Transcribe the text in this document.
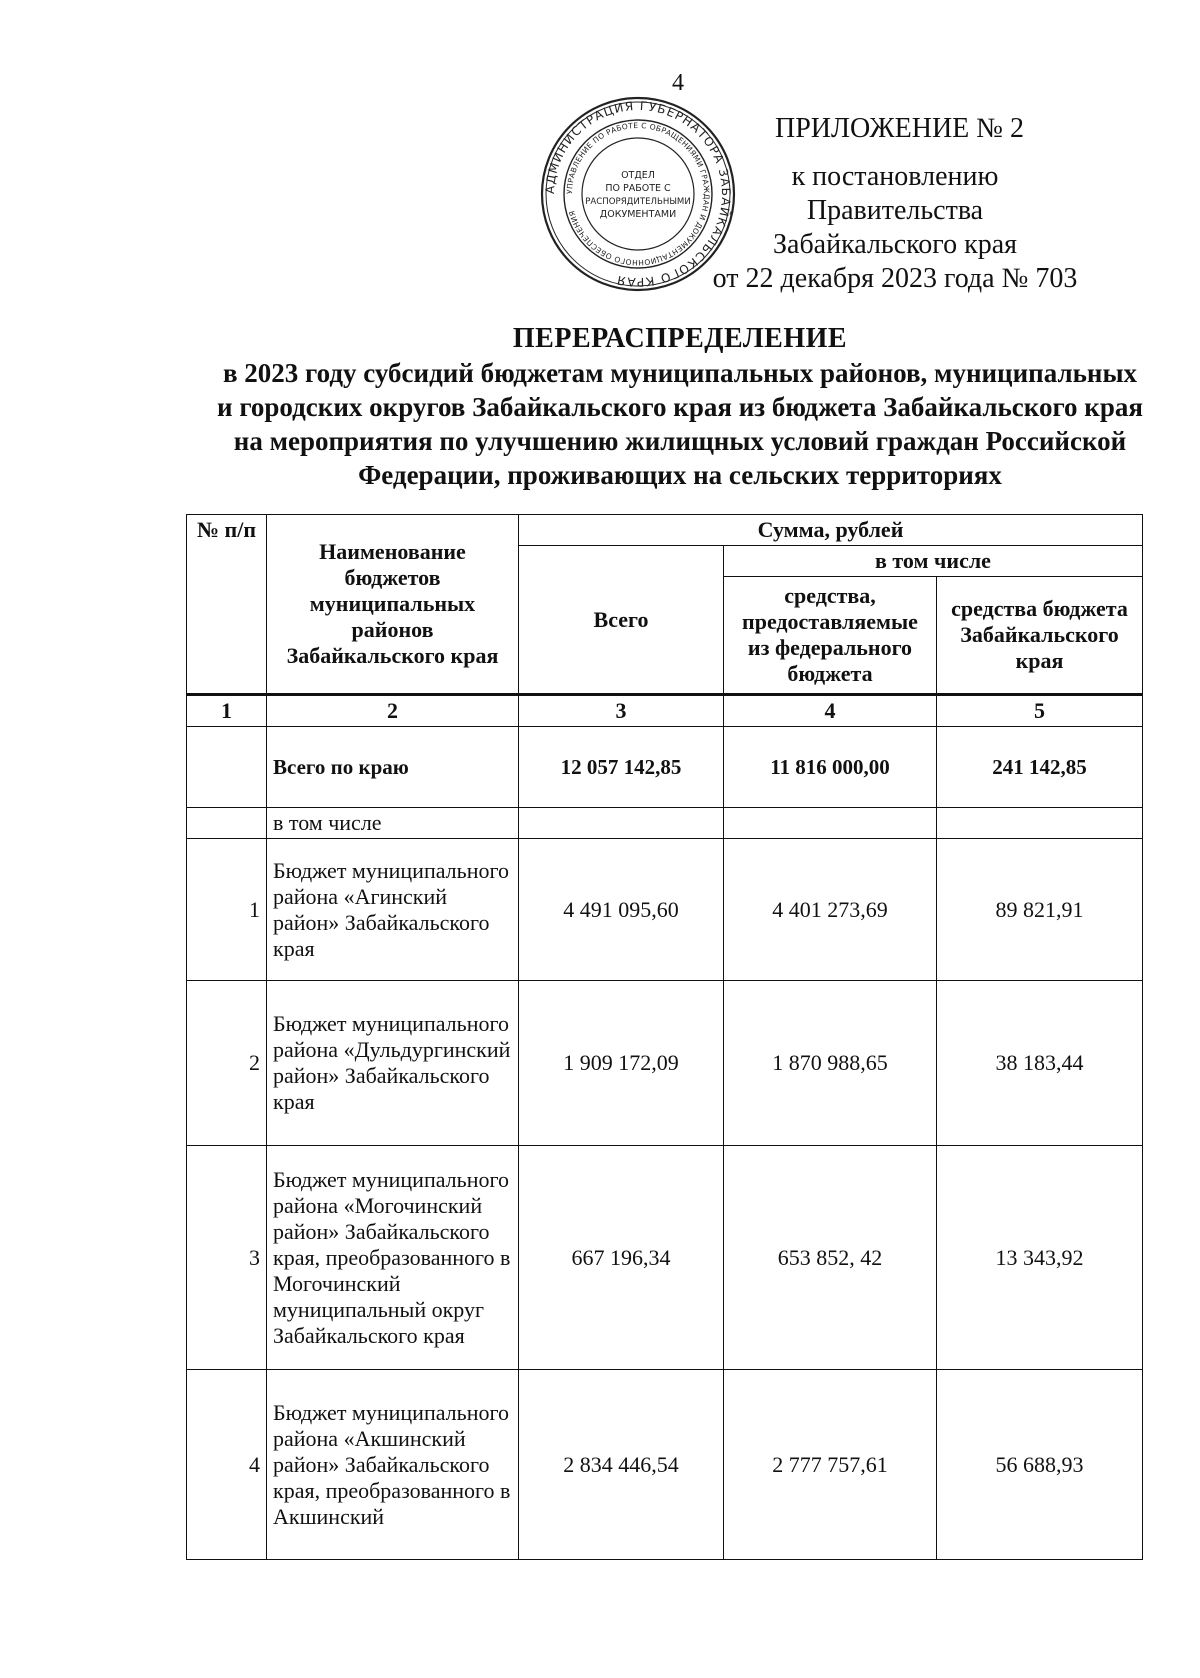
4
АДМИНИСТРАЦИЯ ГУБЕРНАТОРА ЗАБАЙКАЛЬСКОГО КРАЯ
УПРАВЛЕНИЕ ПО РАБОТЕ С ОБРАЩЕНИЯМИ ГРАЖДАН И ДОКУМЕНТАЦИОННОГО ОБЕСПЕЧЕНИЯ
ОТДЕЛ
ПО РАБОТЕ С
РАСПОРЯДИТЕЛЬНЫМИ
ДОКУМЕНТАМИ
ПРИЛОЖЕНИЕ № 2
к постановлению Правительства
Забайкальского края
от 22 декабря 2023 года № 703
ПЕРЕРАСПРЕДЕЛЕНИЕ
в 2023 году субсидий бюджетам муниципальных районов, муниципальных
и городских округов Забайкальского края из бюджета Забайкальского края
на мероприятия по улучшению жилищных условий граждан Российской
Федерации, проживающих на сельских территориях
№ п/п	Наименование бюджетов муниципальных районов Забайкальского края	Сумма, рублей		
		Всего	в том числе	
			средства, предоставляемые из федерального бюджета	средства бюджета Забайкальского края
1	2	3	4	5
	Всего по краю	12 057 142,85	11 816 000,00	241 142,85
	в том числе			
1	Бюджет муниципального района «Агинский район» Забайкальского края	4 491 095,60	4 401 273,69	89 821,91
2	Бюджет муниципального района «Дульдургинский район» Забайкальского края	1 909 172,09	1 870 988,65	38 183,44
3	Бюджет муниципального района «Могочинский район» Забайкальского края, преобразованного в Могочинский муниципальный округ Забайкальского края	667 196,34	653 852, 42	13 343,92
4	Бюджет муниципального района «Акшинский район» Забайкальского края, преобразованного в Акшинский	2 834 446,54	2 777 757,61	56 688,93
